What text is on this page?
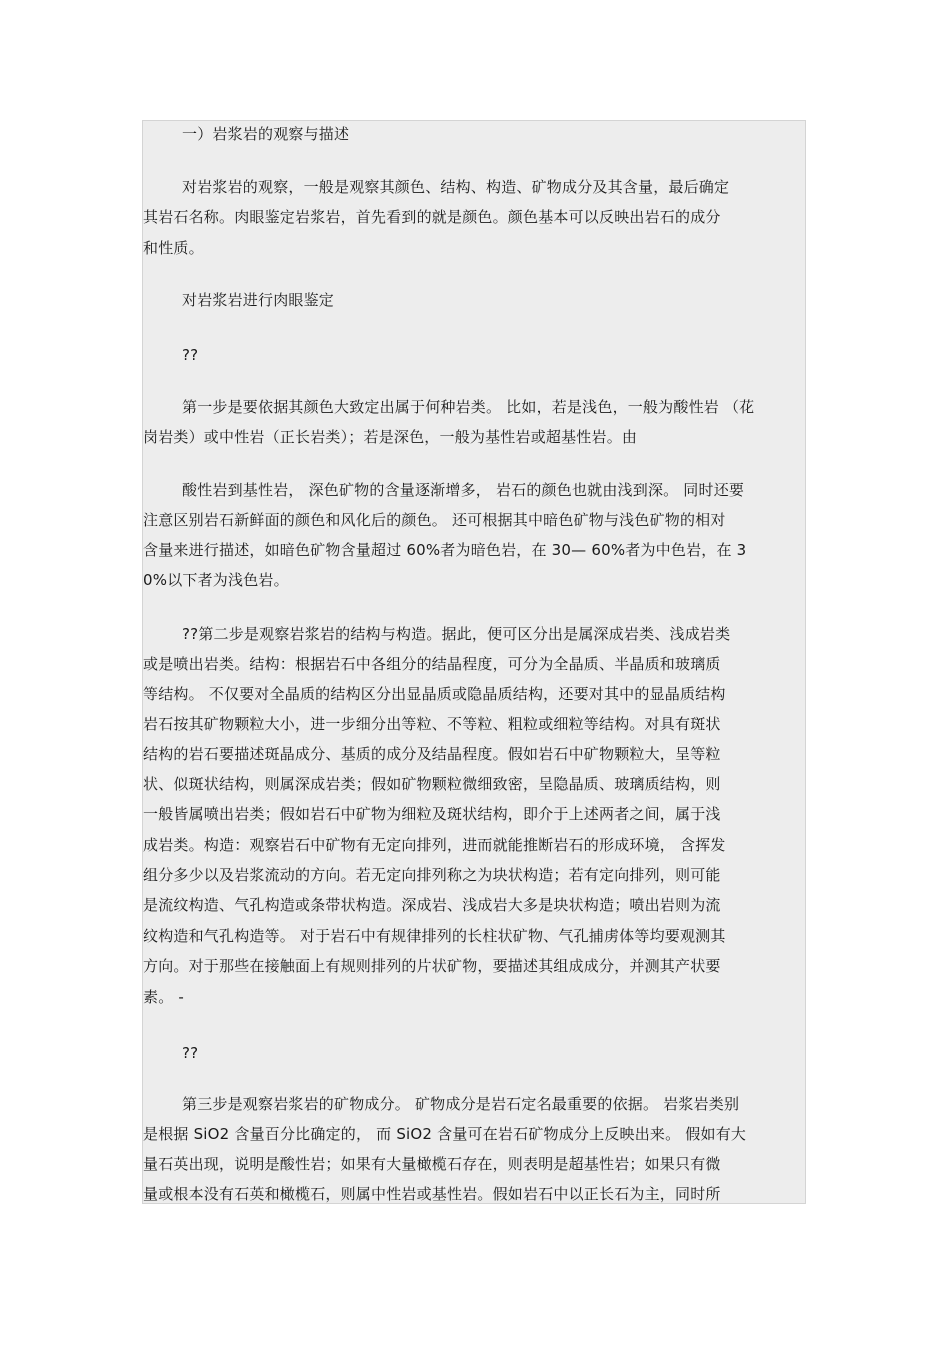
一）岩浆岩的观察与描述
对岩浆岩的观察，一般是观察其颜色、结构、构造、矿物成分及其含量，最后确定
其岩石名称。肉眼鉴定岩浆岩，首先看到的就是颜色。颜色基本可以反映出岩石的成分
和性质。
对岩浆岩进行肉眼鉴定
??
第一步是要依据其颜色大致定出属于何种岩类。 比如，若是浅色，一般为酸性岩 （花
岗岩类）或中性岩（正长岩类）；若是深色，一般为基性岩或超基性岩。由
酸性岩到基性岩， 深色矿物的含量逐渐增多， 岩石的颜色也就由浅到深。 同时还要
注意区别岩石新鲜面的颜色和风化后的颜色。 还可根据其中暗色矿物与浅色矿物的相对
含量来进行描述，如暗色矿物含量超过 60%者为暗色岩，在 30— 60%者为中色岩，在 3
0%以下者为浅色岩。
??第二步是观察岩浆岩的结构与构造。据此，便可区分出是属深成岩类、浅成岩类
或是喷出岩类。结构：根据岩石中各组分的结晶程度，可分为全晶质、半晶质和玻璃质
等结构。 不仅要对全晶质的结构区分出显晶质或隐晶质结构，还要对其中的显晶质结构
岩石按其矿物颗粒大小，进一步细分出等粒、不等粒、粗粒或细粒等结构。对具有斑状
结构的岩石要描述斑晶成分、基质的成分及结晶程度。假如岩石中矿物颗粒大，呈等粒
状、似斑状结构，则属深成岩类；假如矿物颗粒微细致密，呈隐晶质、玻璃质结构，则
一般皆属喷出岩类；假如岩石中矿物为细粒及斑状结构，即介于上述两者之间，属于浅
成岩类。构造：观察岩石中矿物有无定向排列，进而就能推断岩石的形成环境， 含挥发
组分多少以及岩浆流动的方向。若无定向排列称之为块状构造；若有定向排列，则可能
是流纹构造、气孔构造或条带状构造。深成岩、浅成岩大多是块状构造；喷出岩则为流
纹构造和气孔构造等。 对于岩石中有规律排列的长柱状矿物、气孔捕虏体等均要观测其
方向。对于那些在接触面上有规则排列的片状矿物，要描述其组成成分，并测其产状要
素。 -
??
第三步是观察岩浆岩的矿物成分。 矿物成分是岩石定名最重要的依据。 岩浆岩类别
是根据 SiO2 含量百分比确定的， 而 SiO2 含量可在岩石矿物成分上反映出来。 假如有大
量石英出现，说明是酸性岩；如果有大量橄榄石存在，则表明是超基性岩；如果只有微
量或根本没有石英和橄榄石，则属中性岩或基性岩。假如岩石中以正长石为主，同时所
